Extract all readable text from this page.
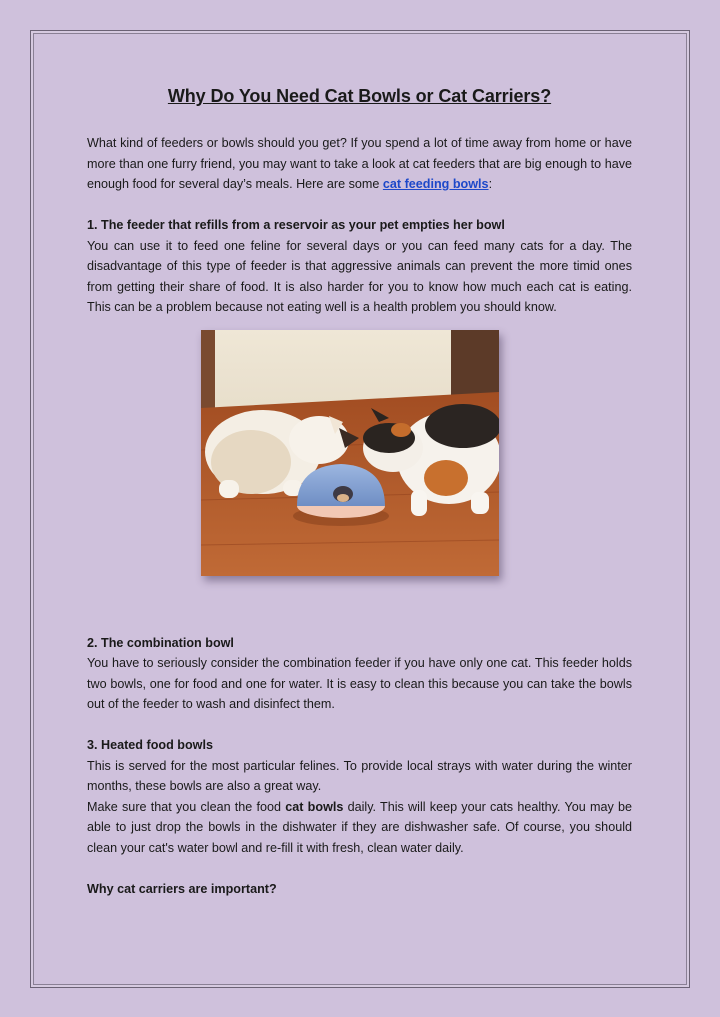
Why Do You Need Cat Bowls or Cat Carriers?

What kind of feeders or bowls should you get? If you spend a lot of time away from home or have more than one furry friend, you may want to take a look at cat feeders that are big enough to have enough food for several day’s meals. Here are some cat feeding bowls:

1. The feeder that refills from a reservoir as your pet empties her bowl

You can use it to feed one feline for several days or you can feed many cats for a day. The disadvantage of this type of feeder is that aggressive animals can prevent the more timid ones from getting their share of food. It is also harder for you to know how much each cat is eating. This can be a problem because not eating well is a health problem you should know.

2. The combination bowl

You have to seriously consider the combination feeder if you have only one cat. This feeder holds two bowls, one for food and one for water. It is easy to clean this because you can take the bowls out of the feeder to wash and disinfect them.

3. Heated food bowls

This is served for the most particular felines. To provide local strays with water during the winter months, these bowls are also a great way.

Make sure that you clean the food cat bowls daily. This will keep your cats healthy. You may be able to just drop the bowls in the dishwater if they are dishwasher safe. Of course, you should clean your cat's water bowl and re-fill it with fresh, clean water daily.

Why cat carriers are important?
